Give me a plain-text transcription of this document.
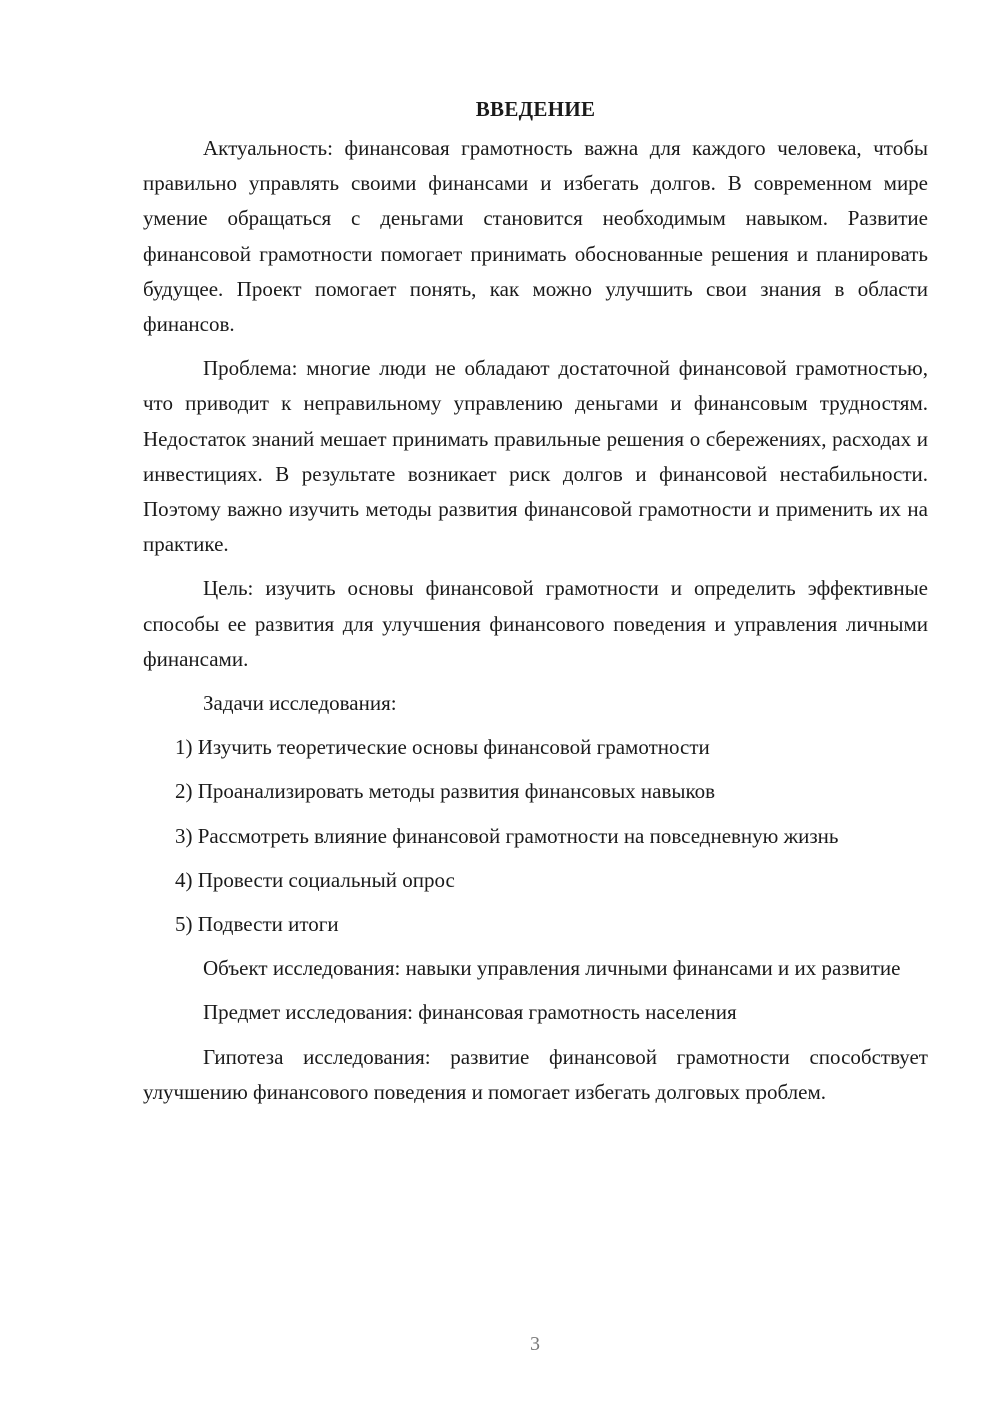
ВВЕДЕНИЕ

Актуальность: финансовая грамотность важна для каждого человека, чтобы правильно управлять своими финансами и избегать долгов. В современном мире умение обращаться с деньгами становится необходимым навыком. Развитие финансовой грамотности помогает принимать обоснованные решения и планировать будущее. Проект помогает понять, как можно улучшить свои знания в области финансов.

Проблема: многие люди не обладают достаточной финансовой грамотностью, что приводит к неправильному управлению деньгами и финансовым трудностям. Недостаток знаний мешает принимать правильные решения о сбережениях, расходах и инвестициях. В результате возникает риск долгов и финансовой нестабильности. Поэтому важно изучить методы развития финансовой грамотности и применить их на практике.

Цель: изучить основы финансовой грамотности и определить эффективные способы ее развития для улучшения финансового поведения и управления личными финансами.

Задачи исследования:

1) Изучить теоретические основы финансовой грамотности

2) Проанализировать методы развития финансовых навыков

3) Рассмотреть влияние финансовой грамотности на повседневную жизнь

4) Провести социальный опрос

5) Подвести итоги

Объект исследования: навыки управления личными финансами и их развитие

Предмет исследования: финансовая грамотность населения

Гипотеза исследования: развитие финансовой грамотности способствует улучшению финансового поведения и помогает избегать долговых проблем.

3
